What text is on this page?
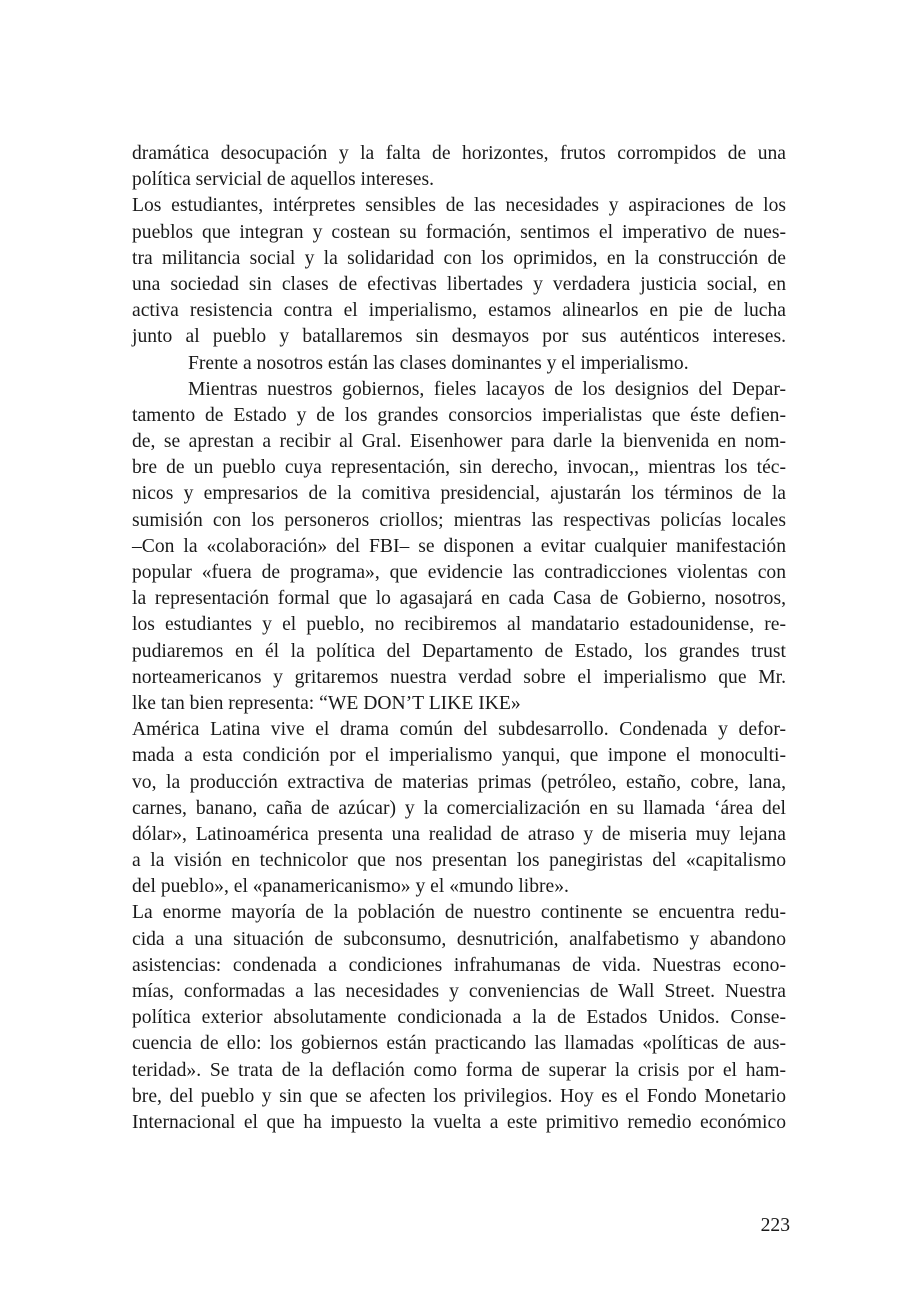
dramática desocupación y la falta de horizontes, frutos corrompidos de una
política servicial de aquellos intereses.
Los estudiantes, intérpretes sensibles de las necesidades y aspiraciones de los
pueblos que integran y costean su formación, sentimos el imperativo de nues-
tra militancia social y la solidaridad con los oprimidos, en la construcción de
una sociedad sin clases de efectivas libertades y verdadera justicia social, en
activa resistencia contra el imperialismo, estamos alinearlos en pie de lucha
junto al pueblo y batallaremos sin desmayos por sus auténticos intereses.
Frente a nosotros están las clases dominantes y el imperialismo.
Mientras nuestros gobiernos, fieles lacayos de los designios del Depar-
tamento de Estado y de los grandes consorcios imperialistas que éste defien-
de, se aprestan a recibir al Gral. Eisenhower para darle la bienvenida en nom-
bre de un pueblo cuya representación, sin derecho, invocan,, mientras los téc-
nicos y empresarios de la comitiva presidencial, ajustarán los términos de la
sumisión con los personeros criollos; mientras las respectivas policías locales
–Con la «colaboración» del FBI– se disponen a evitar cualquier manifestación
popular «fuera de programa», que evidencie las contradicciones violentas con
la representación formal que lo agasajará en cada Casa de Gobierno, nosotros,
los estudiantes y el pueblo, no recibiremos al mandatario estadounidense, re-
pudiaremos en él la política del Departamento de Estado, los grandes trust
norteamericanos y gritaremos nuestra verdad sobre el imperialismo que Mr.
lke tan bien representa: “WE DON’T LIKE IKE»
América Latina vive el drama común del subdesarrollo. Condenada y defor-
mada a esta condición por el imperialismo yanqui, que impone el monoculti-
vo, la producción extractiva de materias primas (petróleo, estaño, cobre, lana,
carnes, banano, caña de azúcar) y la comercialización en su llamada ‘área del
dólar», Latinoamérica presenta una realidad de atraso y de miseria muy lejana
a la visión en technicolor que nos presentan los panegiristas del «capitalismo
del pueblo», el «panamericanismo» y el «mundo libre».
La enorme mayoría de la población de nuestro continente se encuentra redu-
cida a una situación de subconsumo, desnutrición, analfabetismo y abandono
asistencias: condenada a condiciones infrahumanas de vida. Nuestras econo-
mías, conformadas a las necesidades y conveniencias de Wall Street. Nuestra
política exterior absolutamente condicionada a la de Estados Unidos. Conse-
cuencia de ello: los gobiernos están practicando las llamadas «políticas de aus-
teridad». Se trata de la deflación como forma de superar la crisis por el ham-
bre, del pueblo y sin que se afecten los privilegios. Hoy es el Fondo Monetario
Internacional el que ha impuesto la vuelta a este primitivo remedio económico
223
